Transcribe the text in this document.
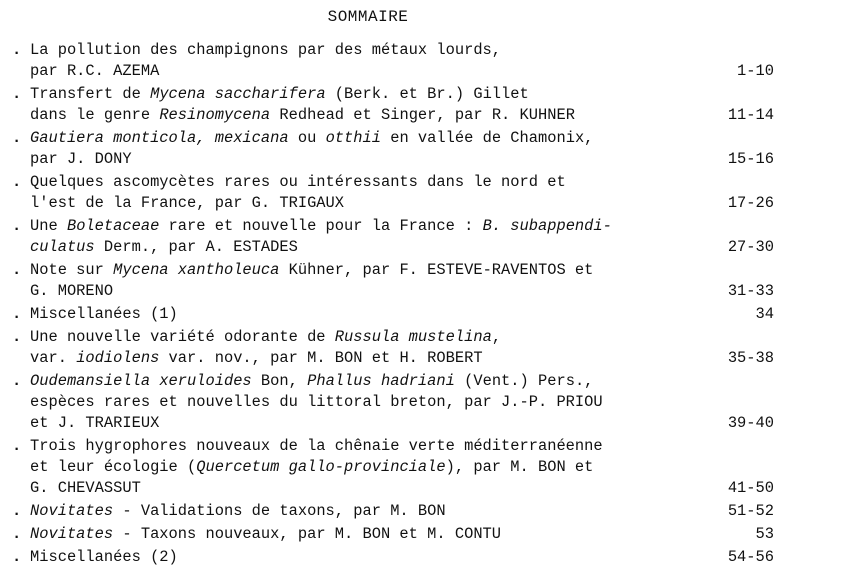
SOMMAIRE
. La pollution des champignons par des métaux lourds,
par R.C. AZEMA	1-10
. Transfert de Mycena saccharifera (Berk. et Br.) Gillet
dans le genre Resinomycena Redhead et Singer, par R. KUHNER	11-14
. Gautiera monticola, mexicana ou otthii en vallée de Chamonix,
par J. DONY	15-16
. Quelques ascomycètes rares ou intéressants dans le nord et
l'est de la France, par G. TRIGAUX	17-26
. Une Boletaceae rare et nouvelle pour la France : B. subappendi-
culatus Derm., par A. ESTADES	27-30
. Note sur Mycena xantholeuca Kühner, par F. ESTEVE-RAVENTOS et
G. MORENO	31-33
. Miscellanées (1)	34
. Une nouvelle variété odorante de Russula mustelina,
var. iodiolens var. nov., par M. BON et H. ROBERT	35-38
. Oudemansiella xeruloides Bon, Phallus hadriani (Vent.) Pers.,
espèces rares et nouvelles du littoral breton, par J.-P. PRIOU
et J. TRARIEUX	39-40
. Trois hygrophores nouveaux de la chênaie verte méditerranéenne
et leur écologie (Quercetum gallo-provinciale), par M. BON et
G. CHEVASSUT	41-50
. Novitates - Validations de taxons, par M. BON	51-52
. Novitates - Taxons nouveaux, par M. BON et M. CONTU	53
. Miscellanées (2)	54-56
